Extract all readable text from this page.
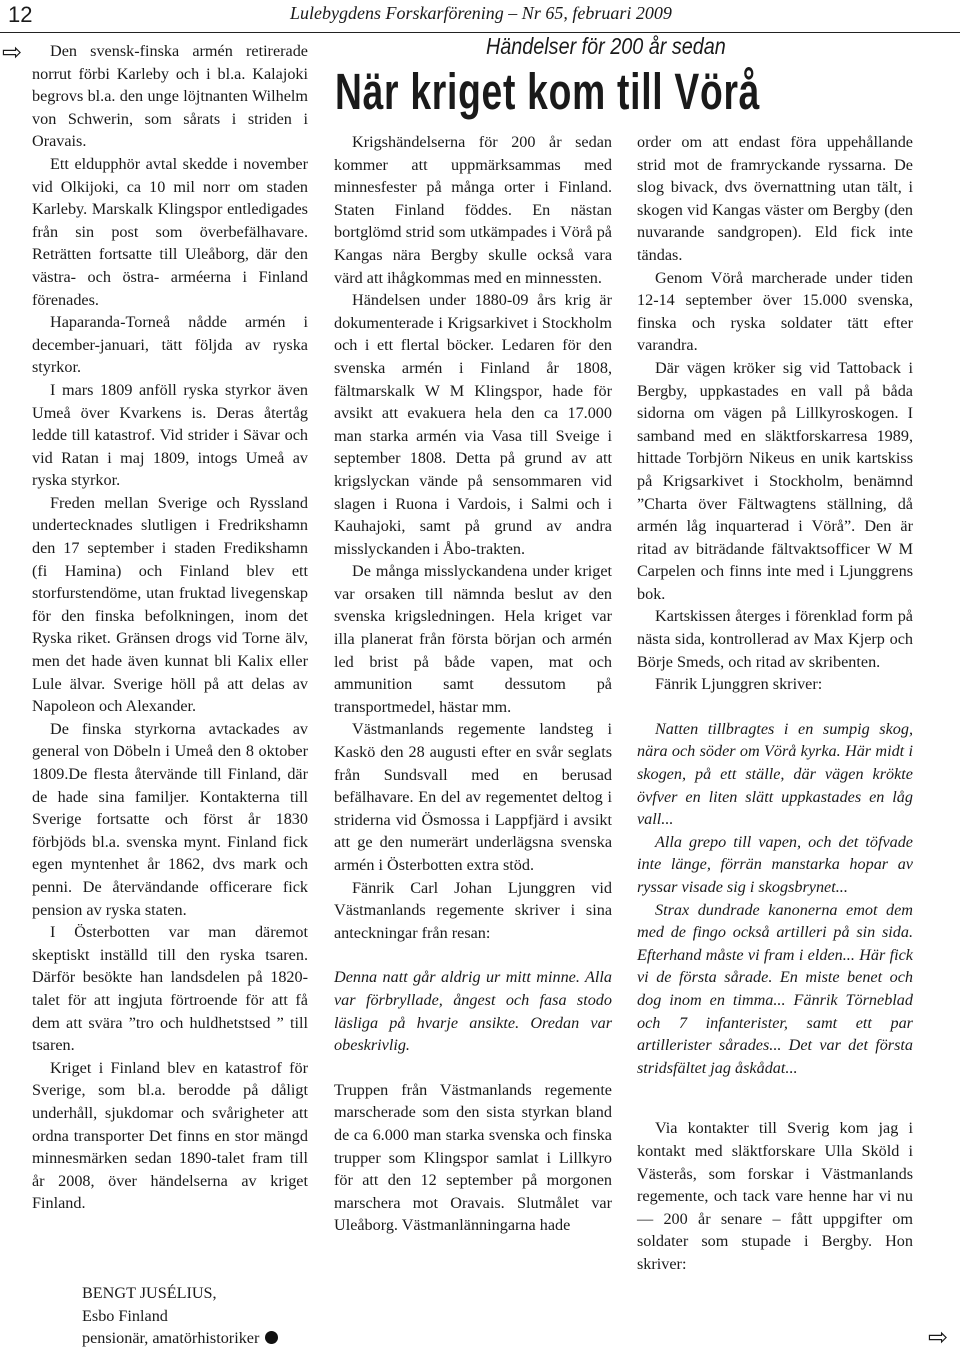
12	Lulebygdens Forskarförening – Nr 65, februari 2009
⇨
⇨
Händelser för 200 år sedan
När kriget kom till Vörå

Den svensk-finska armén retirerade norrut förbi Karleby och i bl.a. Kalajoki begrovs bl.a. den unge löjtnanten Wilhelm von Schwerin, som sårats i striden i Oravais.

Ett eldupphör avtal skedde i november vid Olkijoki, ca 10 mil norr om staden Karleby. Marskalk Klingspor entledigades från sin post som överbefälhavare. Reträtten fortsatte till Uleåborg, där den västra- och östra- arméerna i Finland förenades.

Haparanda-Torneå nådde armén i december-januari, tätt följda av ryska styrkor.

I mars 1809 anföll ryska styrkor även Umeå över Kvarkens is. Deras återtåg ledde till katastrof. Vid strider i Sävar och vid Ratan i maj 1809, intogs Umeå av ryska styrkor.

Freden mellan Sverige och Ryssland undertecknades slutligen i Fredrikshamn den 17 september i staden Fredikshamn (fi Hamina) och Finland blev ett storfurstendöme, utan fruktad livegenskap för den finska befolkningen, inom det Ryska riket. Gränsen drogs vid Torne älv, men det hade även kunnat bli Kalix eller Lule älvar. Sverige höll på att delas av Napoleon och Alexander.

De finska styrkorna avtackades av general von Döbeln i Umeå den 8 oktober 1809.De flesta återvände till Finland, där de hade sina familjer. Kontakterna till Sverige fortsatte och först år 1830 förbjöds bl.a. svenska mynt. Finland fick egen myntenhet år 1862, dvs mark och penni. De återvändande officerare fick pension av ryska staten.

I Österbotten var man däremot skeptiskt inställd till den ryska tsaren. Därför besökte han landsdelen på 1820-talet för att ingjuta förtroende för att få dem att svära ”tro och huldhetstsed ” till tsaren.

Kriget i Finland blev en katastrof för Sverige, som bl.a. berodde på dåligt underhåll, sjukdomar och svårigheter att ordna transporter Det finns en stor mängd minnesmärken sedan 1890-talet fram till år 2008, över händelserna av kriget Finland.

BENGT JUSÉLIUS,
Esbo Finland
pensionär, amatörhistoriker

Krigshändelserna för 200 år sedan kommer att uppmärksammas med minnesfester på många orter i Finland. Staten Finland föddes. En nästan bortglömd strid som utkämpades i Vörå på Kangas nära Bergby skulle också vara värd att ihågkommas med en minnessten.

Händelsen under 1880-09 års krig är dokumenterade i Krigsarkivet i Stockholm och i ett flertal böcker. Ledaren för den svenska armén i Finland år 1808, fältmarskalk W M Klingspor, hade för avsikt att evakuera hela den ca 17.000 man starka armén via Vasa till Sveige i september 1808. Detta på grund av att krigslyckan vände på sensommaren vid slagen i Ruona i Vardois, i Salmi och i Kauhajoki, samt på grund av andra misslyckanden i Åbo-trakten.

De många misslyckandena under kriget var orsaken till nämnda beslut av den svenska krigsledningen. Hela kriget var illa planerat från första början och armén led brist på både vapen, mat och ammunition samt dessutom på transportmedel, hästar mm.

Västmanlands regemente landsteg i Kaskö den 28 augusti efter en svår seglats från Sundsvall med en berusad befälhavare. En del av regementet deltog i striderna vid Ösmossa i Lappfjärd i avsikt att ge den numerärt underlägsna svenska armén i Österbotten extra stöd.

Fänrik Carl Johan Ljunggren vid Västmanlands regemente skriver i sina anteckningar från resan:

Denna natt går aldrig ur mitt minne. Alla var förbryllade, ångest och fasa stodo läsliga på hvarje ansikte. Oredan var obeskrivlig.

Truppen från Västmanlands regemente marscherade som den sista styrkan bland de ca 6.000 man starka svenska och finska trupper som Klingspor samlat i Lillkyro för att den 12 september på morgonen marschera mot Oravais. Slutmålet var Uleåborg. Västmanlänningarna hade

order om att endast föra uppehållande strid mot de framryckande ryssarna. De slog bivack, dvs övernattning utan tält, i skogen vid Kangas väster om Bergby (den nuvarande sandgropen). Eld fick inte tändas.

Genom Vörå marcherade under tiden 12-14 september över 15.000 svenska, finska och ryska soldater tätt efter varandra.

Där vägen kröker sig vid Tattoback i Bergby, uppkastades en vall på båda sidorna om vägen på Lillkyroskogen. I samband med en släktforskarresa 1989, hittade Torbjörn Nikeus en unik kartskiss på Krigsarkivet i Stockholm, benämnd ”Charta över Fältwagtens ställning, då armén låg inquarterad i Vörå”. Den är ritad av biträdande fältvaktsofficer W M Carpelen och finns inte med i Ljunggrens bok.

Kartskissen återges i förenklad form på nästa sida, kontrollerad av Max Kjerp och Börje Smeds, och ritad av skribenten.

Fänrik Ljunggren skriver:

Natten tillbragtes i en sumpig skog, nära och söder om Vörå kyrka. Här midt i skogen, på ett ställe, där vägen krökte övfver en liten slätt uppkastades en låg vall...

Alla grepo till vapen, och det töfvade inte länge, förrän manstarka hopar av ryssar visade sig i skogsbrynet...

Strax dundrade kanonerna emot dem med de fingo också artilleri på sin sida. Efterhand måste vi fram i elden... Här fick vi de första sårade. En miste benet och dog inom en timma... Fänrik Törneblad och 7 infanterister, samt ett par artillerister sårades... Det var det första stridsfältet jag åskådat...

Via kontakter till Sverig kom jag i kontakt med släktforskare Ulla Sköld i Västerås, som forskar i Västmanlands regemente, och tack vare henne har vi nu — 200 år senare – fått uppgifter om soldater som stupade i Bergby. Hon skriver:
